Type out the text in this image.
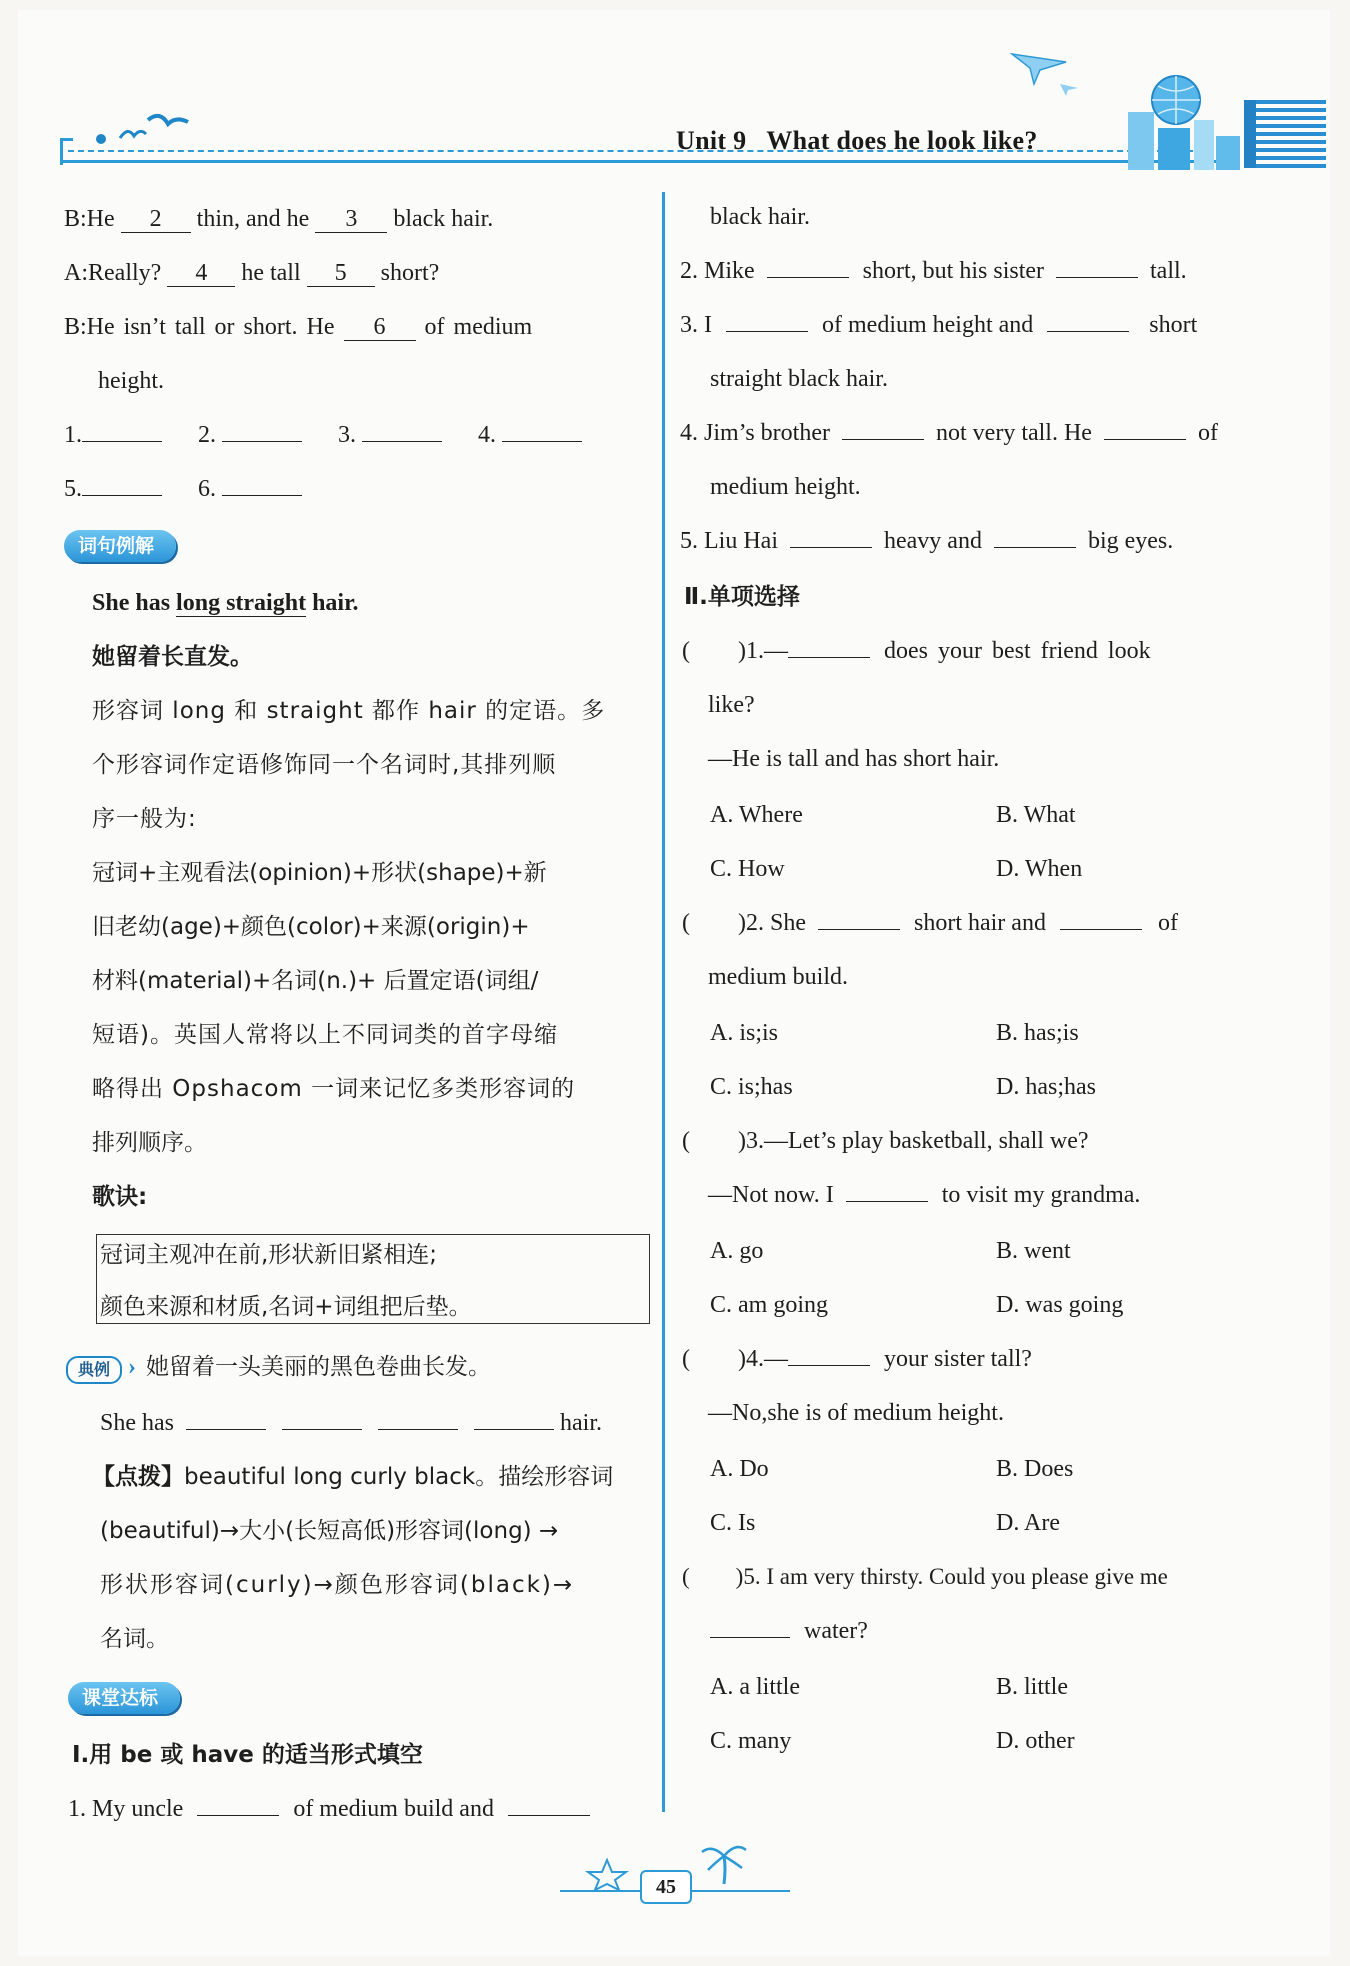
Unit 9   What does he look like?
B:He 2 thin, and he 3 black hair.
A:Really? 4 he tall 5 short?
B:He isn’t tall or short. He 6 of medium
height.
1.	2.	3.	4.
5.	6.
词句例解
She has long straight hair.
她留着长直发。
形容词 long 和 straight 都作 hair 的定语。多
个形容词作定语修饰同一个名词时,其排列顺
序一般为:
冠词+主观看法(opinion)+形状(shape)+新
旧老幼(age)+颜色(color)+来源(origin)+
材料(material)+名词(n.)+ 后置定语(词组/
短语)。英国人常将以上不同词类的首字母缩
略得出 Opshacom 一词来记忆多类形容词的
排列顺序。
歌诀:
冠词主观冲在前,形状新旧紧相连;
颜色来源和材质,名词+词组把后垫。
典例 › 她留着一头美丽的黑色卷曲长发。
She has	hair.
【点拨】beautiful long curly black。描绘形容词
(beautiful)→大小(长短高低)形容词(long) →
形状形容词(curly)→颜色形容词(black)→
名词。
课堂达标
Ⅰ.用 be 或 have 的适当形式填空
1. My uncle	of medium build and
black hair.
2. Mike	short, but his sister	tall.
3. I	of medium height and	short
straight black hair.
4. Jim’s brother	not very tall. He	of
medium height.
5. Liu Hai	heavy and	big eyes.
Ⅱ.单项选择
(        )1.—	does your best friend look
like?
—He is tall and has short hair.
A. Where	B. What
C. How	D. When
(        )2. She	short hair and	of
medium build.
A. is;is	B. has;is
C. is;has	D. has;has
(        )3.—Let’s play basketball, shall we?
—Not now. I	to visit my grandma.
A. go	B. went
C. am going	D. was going
(        )4.—	your sister tall?
—No,she is of medium height.
A. Do	B. Does
C. Is	D. Are
(        )5. I am very thirsty. Could you please give me
water?
A. a little	B. little
C. many	D. other
45
